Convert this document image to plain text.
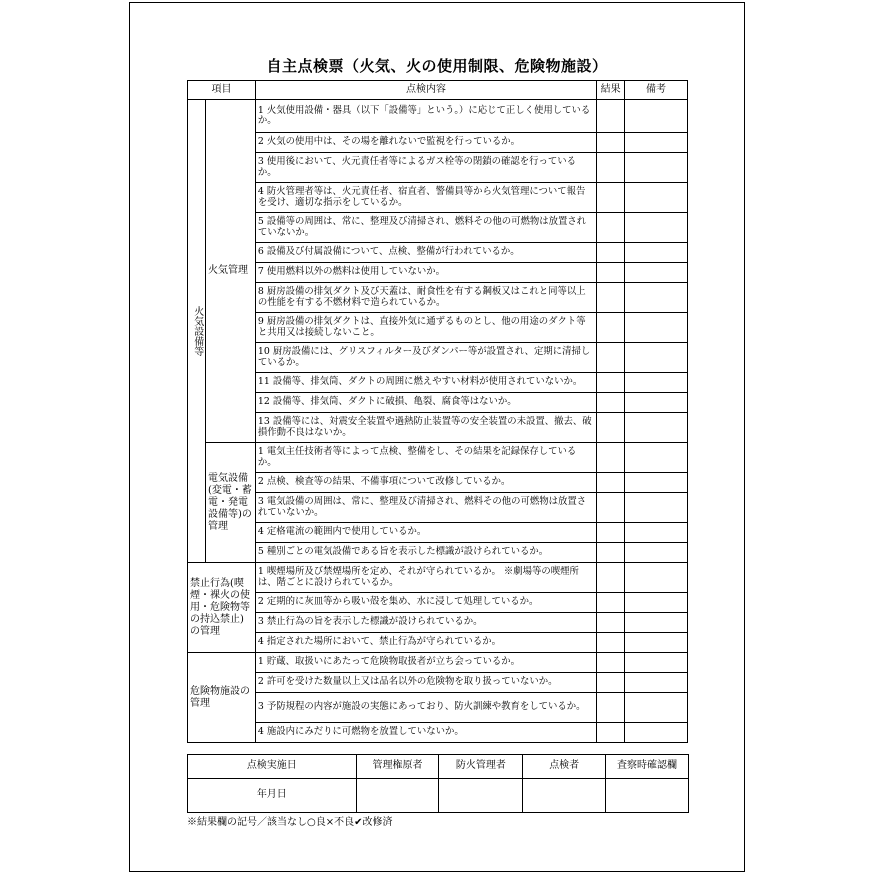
自主点検票（火気、火の使用制限、危険物施設）
項目		点検内容	結果	備考
火気設備等	火気管理	1 火気使用設備・器具（以下「設備等」という。）に応じて正しく使用しているか。		
		2 火気の使用中は、その場を離れないで監視を行っているか。		
		3 使用後において、火元責任者等によるガス栓等の閉鎖の確認を行っているか。		
		4 防火管理者等は、火元責任者、宿直者、警備員等から火気管理について報告を受け、適切な指示をしているか。		
		5 設備等の周囲は、常に、整理及び清掃され、燃料その他の可燃物は放置されていないか。		
		6 設備及び付属設備について、点検、整備が行われているか。		
		7 使用燃料以外の燃料は使用していないか。		
		8 厨房設備の排気ダクト及び天蓋は、耐食性を有する鋼板又はこれと同等以上の性能を有する不燃材料で造られているか。		
		9 厨房設備の排気ダクトは、直接外気に通ずるものとし、他の用途のダクト等と共用又は接続しないこと。		
		10 厨房設備には、グリスフィルター及びダンパー等が設置され、定期に清掃しているか。		
		11 設備等、排気筒、ダクトの周囲に燃えやすい材料が使用されていないか。		
		12 設備等、排気筒、ダクトに破損、亀裂、腐食等はないか。		
		13 設備等には、対震安全装置や過熱防止装置等の安全装置の未設置、撤去、破損作動不良はないか。		
	電気設備(変電・蓄電・発電設備等)の管理	1 電気主任技術者等によって点検、整備をし、その結果を記録保存しているか。		
		2 点検、検査等の結果、不備事項について改修しているか。		
		3 電気設備の周囲は、常に、整理及び清掃され、燃料その他の可燃物は放置されていないか。		
		4 定格電流の範囲内で使用しているか。		
		5 種別ごとの電気設備である旨を表示した標識が設けられているか。		
禁止行為(喫煙・裸火の使用・危険物等の持込禁止)の管理		1 喫煙場所及び禁煙場所を定め、それが守られているか。 ※劇場等の喫煙所は、階ごとに設けられているか。		
		2 定期的に灰皿等から吸い殻を集め、水に浸して処理しているか。		
		3 禁止行為の旨を表示した標識が設けられているか。		
		4 指定された場所において、禁止行為が守られているか。		
危険物施設の管理		1 貯蔵、取扱いにあたって危険物取扱者が立ち会っているか。		
		2 許可を受けた数量以上又は品名以外の危険物を取り扱っていないか。		
		3 予防規程の内容が施設の実態にあっており、防火訓練や教育をしているか。		
		4 施設内にみだりに可燃物を放置していないか。		
点検実施日	管理権原者	防火管理者	点検者	査察時確認欄
年月日				
※結果欄の記号／該当なし○良×不良✔改修済
